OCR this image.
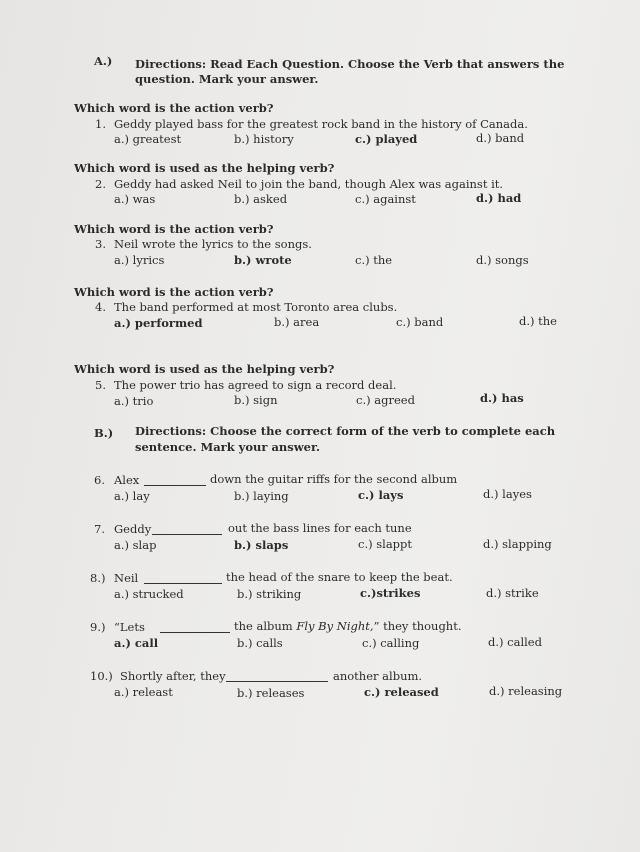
A.) Directions: Read Each Question. Choose the Verb that answers the
question. Mark your answer.
Which word is the action verb?
1. Geddy played bass for the greatest rock band in the history of Canada.
a.) greatest	b.) history	c.) played	d.) band
Which word is used as the helping verb?
2. Geddy had asked Neil to join the band, though Alex was against it.
a.) was	b.) asked	c.) against	d.) had
Which word is the action verb?
3. Neil wrote the lyrics to the songs.
a.) lyrics	b.) wrote	c.) the	d.) songs
Which word is the action verb?
4. The band performed at most Toronto area clubs.
a.) performed	b.) area	c.) band	d.) the
Which word is used as the helping verb?
5. The power trio has agreed to sign a record deal.
a.) trio	b.) sign	c.) agreed	d.) has
B.) Directions: Choose the correct form of the verb to complete each
sentence. Mark your answer.
6. Alex	down the guitar riffs for the second album
a.) lay	b.) laying	c.) lays	d.) layes
7. Geddy	out the bass lines for each tune
a.) slap	b.) slaps	c.) slappt	d.) slapping
8.) Neil	the head of the snare to keep the beat.
a.) strucked	b.) striking	c.)strikes	d.) strike
9.) “Lets	the album Fly By Night,” they thought.
a.) call	b.) calls	c.) calling	d.) called
10.) Shortly after, they	another album.
a.) releast	b.) releases	c.) released	d.) releasing
